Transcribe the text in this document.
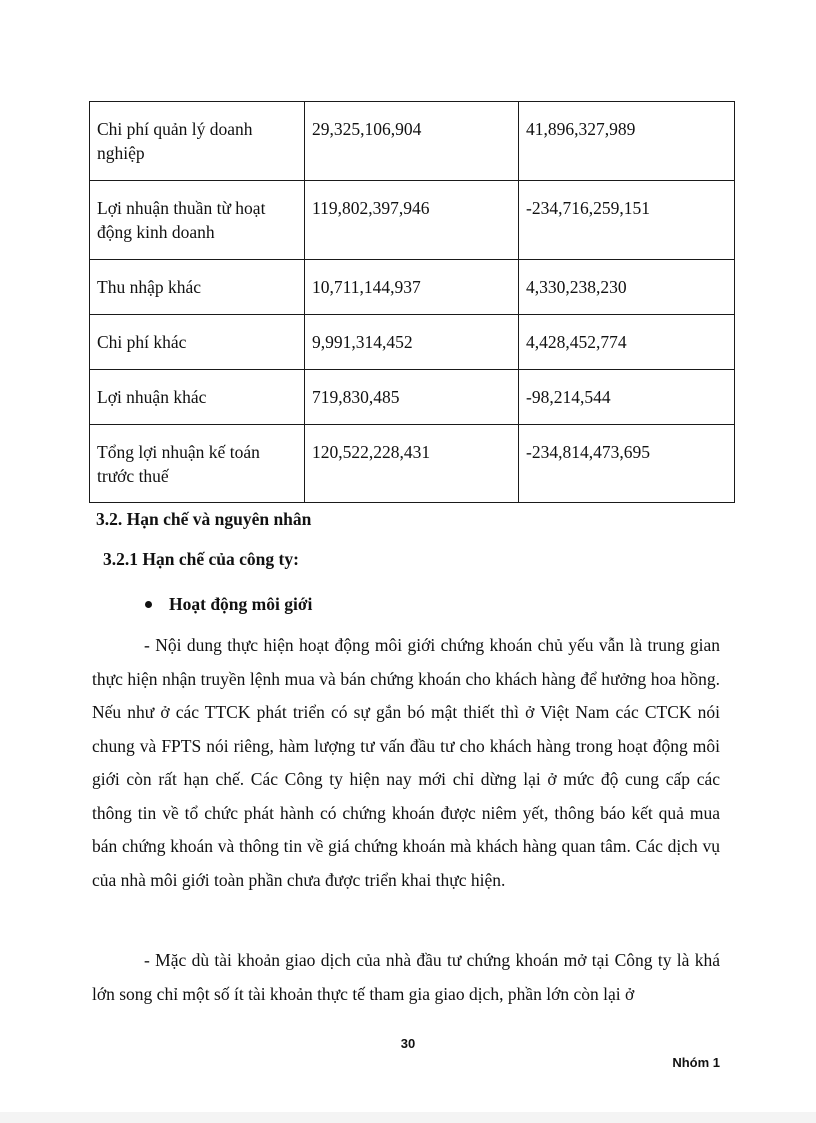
Chi phí quản lý doanh nghiệp	29,325,106,904	41,896,327,989
Lợi nhuận thuần từ hoạt động kinh doanh	119,802,397,946	-234,716,259,151
Thu nhập khác	10,711,144,937	4,330,238,230
Chi phí khác	9,991,314,452	4,428,452,774
Lợi nhuận khác	719,830,485	-98,214,544
Tổng lợi nhuận kế toán trước thuế	120,522,228,431	-234,814,473,695
3.2. Hạn chế và nguyên nhân
3.2.1 Hạn chế của công ty:
Hoạt động môi giới

- Nội dung thực hiện hoạt động môi giới chứng khoán chủ yếu vẫn là trung gian thực hiện nhận truyền lệnh mua và bán chứng khoán cho khách hàng để hưởng hoa hồng. Nếu như ở các TTCK phát triển có sự gắn bó mật thiết thì ở Việt Nam các CTCK nói chung và FPTS nói riêng, hàm lượng tư vấn đầu tư cho khách hàng trong hoạt động môi giới còn rất hạn chế. Các Công ty hiện nay mới chỉ dừng lại ở mức độ cung cấp các thông tin về tổ chức phát hành có chứng khoán được niêm yết, thông báo kết quả mua bán chứng khoán và thông tin về giá chứng khoán mà khách hàng quan tâm. Các dịch vụ của nhà môi giới toàn phần chưa được triển khai thực hiện.

- Mặc dù tài khoản giao dịch của nhà đầu tư chứng khoán mở tại Công ty là khá lớn song chỉ một số ít tài khoản thực tế tham gia giao dịch, phần lớn còn lại ở

30
Nhóm 1
